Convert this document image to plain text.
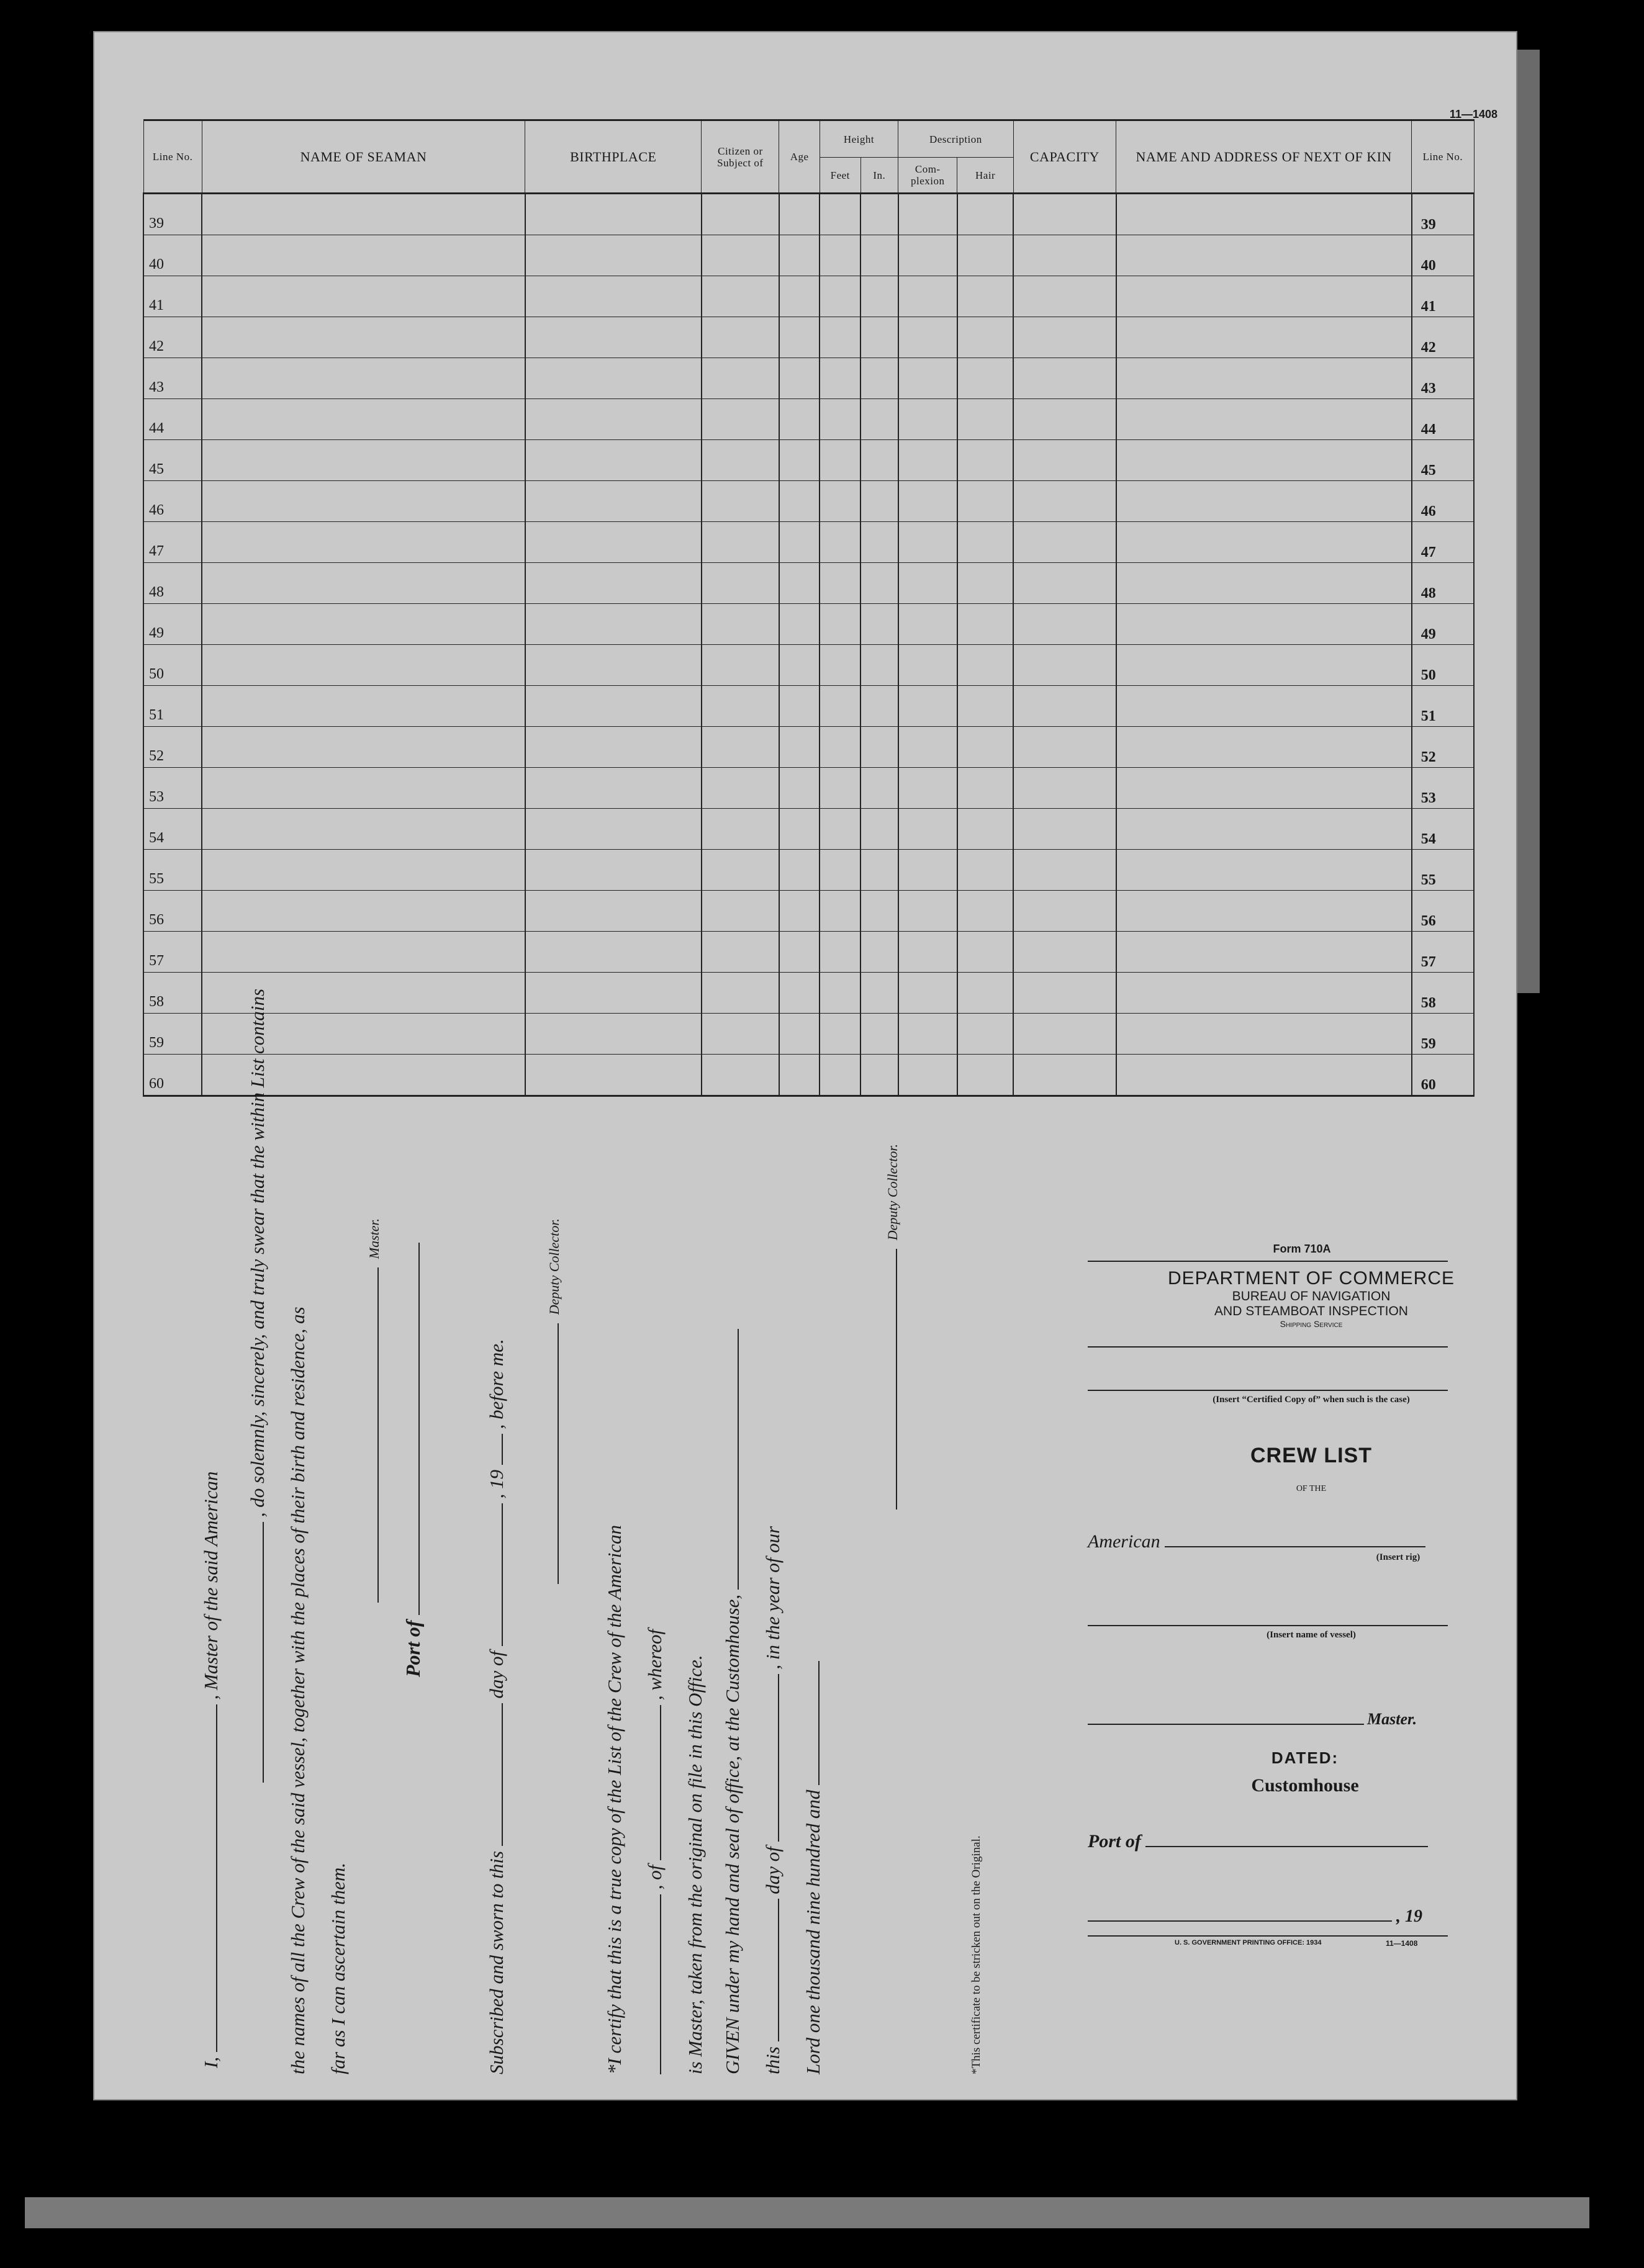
11—1408
Line No.	NAME OF SEAMAN	BIRTHPLACE	Citizen or Subject of	Age	Height		Description		CAPACITY	NAME AND ADDRESS OF NEXT OF KIN	Line No.
					Feet	In.	Com- plexion	Hair			
39											39
40											40
41											41
42											42
43											43
44											44
45											45
46											46
47											47
48											48
49											49
50											50
51											51
52											52
53											53
54											54
55											55
56											56
57											57
58											58
59											59
60											60
I,  , Master of the said American
, do solemnly, sincerely, and truly swear that the within List contains
the names of all the Crew of the said vessel, together with the places of their birth and residence, as far as I can ascertain them.
Master.
Port of
Subscribed and sworn to this  day of  , 19  , before me.
Deputy Collector.
*I certify that this is a true copy of the List of the Crew of the American , of  , whereof is Master, taken from the original on file in this Office. GIVEN under my hand and seal of office, at the Customhouse, this  day of  , in the year of our
Lord one thousand nine hundred and
Deputy Collector.
*This certificate to be stricken out on the Original.
Form 710A
DEPARTMENT OF COMMERCE
BUREAU OF NAVIGATION
AND STEAMBOAT INSPECTION
Shipping Service
(Insert “Certified Copy of” when such is the case)
CREW LIST
OF THE
American
(Insert rig)
(Insert name of vessel)
Master.
DATED:
Customhouse
Port of
, 19
U. S. GOVERNMENT PRINTING OFFICE: 1934	11—1408
